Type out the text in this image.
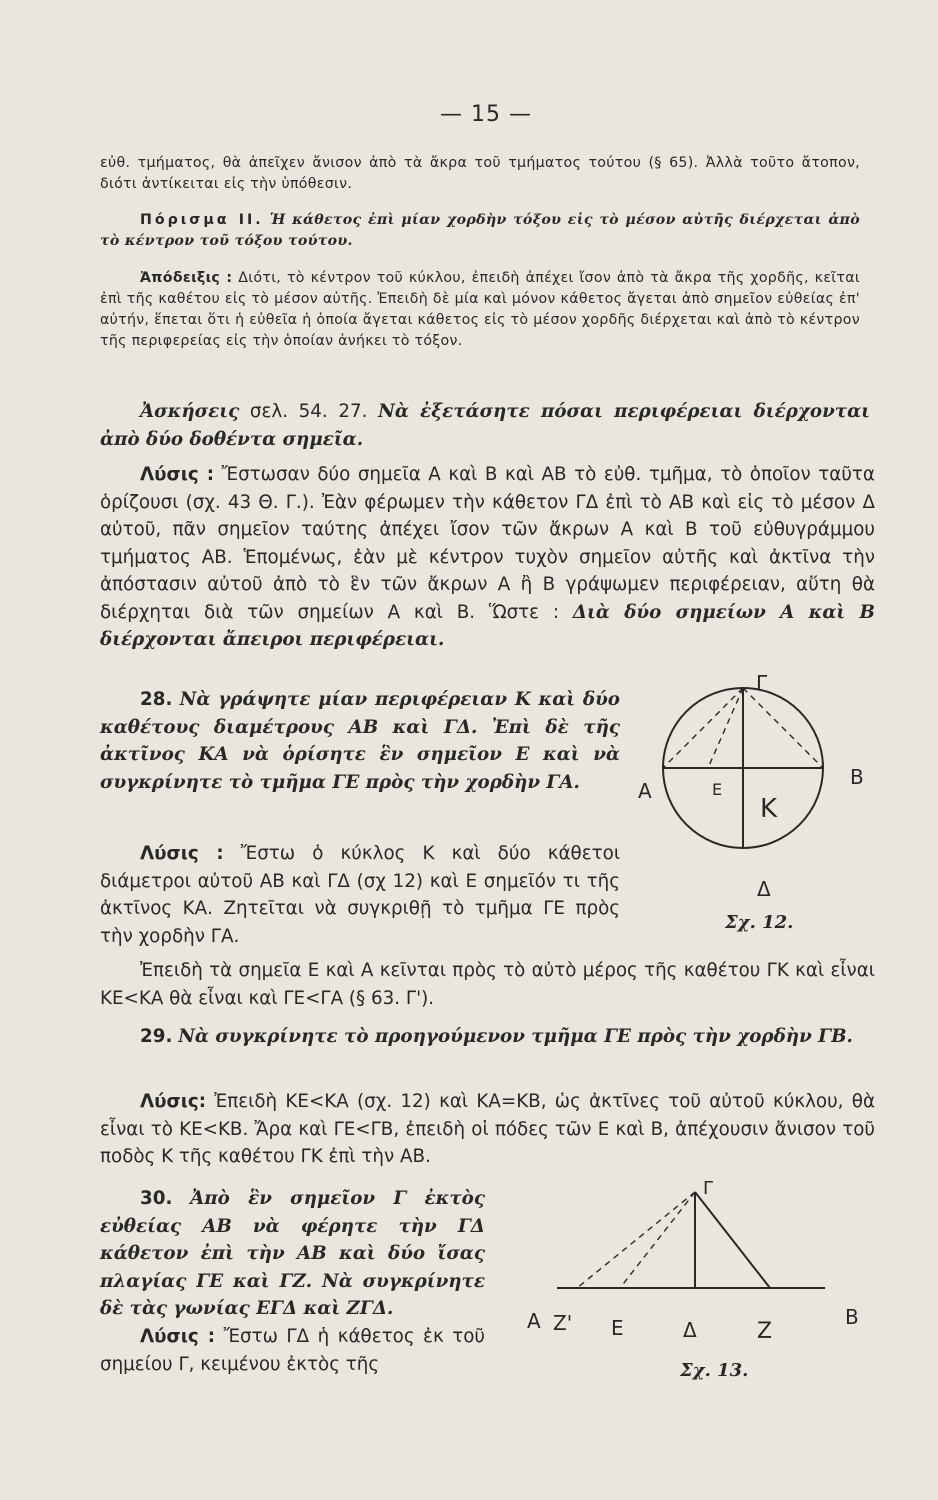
— 15 —

εὐθ. τμήματος, θὰ ἀπεῖχεν ἄνισον ἀπὸ τὰ ἄκρα τοῦ τμήματος τούτου (§ 65). Ἀλλὰ τοῦτο ἄτοπον, διότι ἀντίκειται εἰς τὴν ὑπόθεσιν.

Πόρισμα ΙΙ. Ἡ κάθετος ἐπὶ μίαν χορδὴν τόξου εἰς τὸ μέσον αὐτῆς διέρχεται ἀπὸ τὸ κέντρον τοῦ τόξου τούτου.

Ἀπόδειξις : Διότι, τὸ κέντρον τοῦ κύκλου, ἐπειδὴ ἀπέχει ἴσον ἀπὸ τὰ ἄκρα τῆς χορδῆς, κεῖται ἐπὶ τῆς καθέτου εἰς τὸ μέσον αὐτῆς. Ἐπειδὴ δὲ μία καὶ μόνον κάθετος ἄγεται ἀπὸ σημεῖον εὐθείας ἐπ' αὐτήν, ἕπεται ὅτι ἡ εὐθεῖα ἡ ὁποία ἄγεται κάθετος εἰς τὸ μέσον χορδῆς διέρχεται καὶ ἀπὸ τὸ κέντρον τῆς περιφερείας εἰς τὴν ὁποίαν ἀνήκει τὸ τόξον.

Ἀσκήσεις σελ. 54. 27. Νὰ ἐξετάσητε πόσαι περιφέρειαι διέρχονται ἀπὸ δύο δοθέντα σημεῖα.

Λύσις : Ἔστωσαν δύο σημεῖα Α καὶ Β καὶ ΑΒ τὸ εὐθ. τμῆμα, τὸ ὁποῖον ταῦτα ὁρίζουσι (σχ. 43 Θ. Γ.). Ἐὰν φέρωμεν τὴν κάθετον ΓΔ ἐπὶ τὸ ΑΒ καὶ εἰς τὸ μέσον Δ αὐτοῦ, πᾶν σημεῖον ταύτης ἀπέχει ἴσον τῶν ἄκρων Α καὶ Β τοῦ εὐθυγράμμου τμήματος ΑΒ. Ἑπομένως, ἐὰν μὲ κέντρον τυχὸν σημεῖον αὐτῆς καὶ ἀκτῖνα τὴν ἀπόστασιν αὐτοῦ ἀπὸ τὸ ἓν τῶν ἄκρων Α ἢ Β γράψωμεν περιφέρειαν, αὕτη θὰ διέρχηται διὰ τῶν σημείων Α καὶ Β. Ὥστε : Διὰ δύο σημείων Α καὶ Β διέρχονται ἄπειροι περιφέρειαι.

28. Νὰ γράψητε μίαν περιφέρειαν Κ καὶ δύο καθέτους διαμέτρους ΑΒ καὶ ΓΔ. Ἐπὶ δὲ τῆς ἀκτῖνος ΚΑ νὰ ὁρίσητε ἓν σημεῖον Ε καὶ νὰ συγκρίνητε τὸ τμῆμα ΓΕ πρὸς τὴν χορδὴν ΓΑ.

Λύσις : Ἔστω ὁ κύκλος Κ καὶ δύο κάθετοι διάμετροι αὐτοῦ ΑΒ καὶ ΓΔ (σχ 12) καὶ Ε σημεῖόν τι τῆς ἀκτῖνος ΚΑ. Ζητεῖται νὰ συγκριθῇ τὸ τμῆμα ΓΕ πρὸς τὴν χορδὴν ΓΑ.

Ἐπειδὴ τὰ σημεῖα Ε καὶ Α κεῖνται πρὸς τὸ αὐτὸ μέρος τῆς καθέτου ΓΚ καὶ εἶναι ΚΕ<ΚΑ θὰ εἶναι καὶ ΓΕ<ΓΑ (§ 63. Γ').

29. Νὰ συγκρίνητε τὸ προηγούμενον τμῆμα ΓΕ πρὸς τὴν χορδὴν ΓΒ.

Λύσις: Ἐπειδὴ ΚΕ<ΚΑ (σχ. 12) καὶ ΚΑ=ΚΒ, ὡς ἀκτῖνες τοῦ αὐτοῦ κύκλου, θὰ εἶναι τὸ ΚΕ<ΚΒ. Ἄρα καὶ ΓΕ<ΓΒ, ἐπειδὴ οἱ πόδες τῶν Ε καὶ Β, ἀπέχουσιν ἄνισον τοῦ ποδὸς Κ τῆς καθέτου ΓΚ ἐπὶ τὴν ΑΒ.

30. Ἀπὸ ἓν σημεῖον Γ ἐκτὸς εὐθείας ΑΒ νὰ φέρητε τὴν ΓΔ κάθετον ἐπὶ τὴν ΑΒ καὶ δύο ἴσας πλαγίας ΓΕ καὶ ΓΖ. Νὰ συγκρίνητε δὲ τὰς γωνίας ΕΓΔ καὶ ΖΓΔ.

Λύσις : Ἔστω ΓΔ ἡ κάθετος ἐκ τοῦ σημείου Γ, κειμένου ἐκτὸς τῆς

Γ
Α
Β
Δ
Κ
Ε
Σχ. 12.
Γ
Α Ζ' Ε	Δ	Ζ
Β
Σχ. 13.
